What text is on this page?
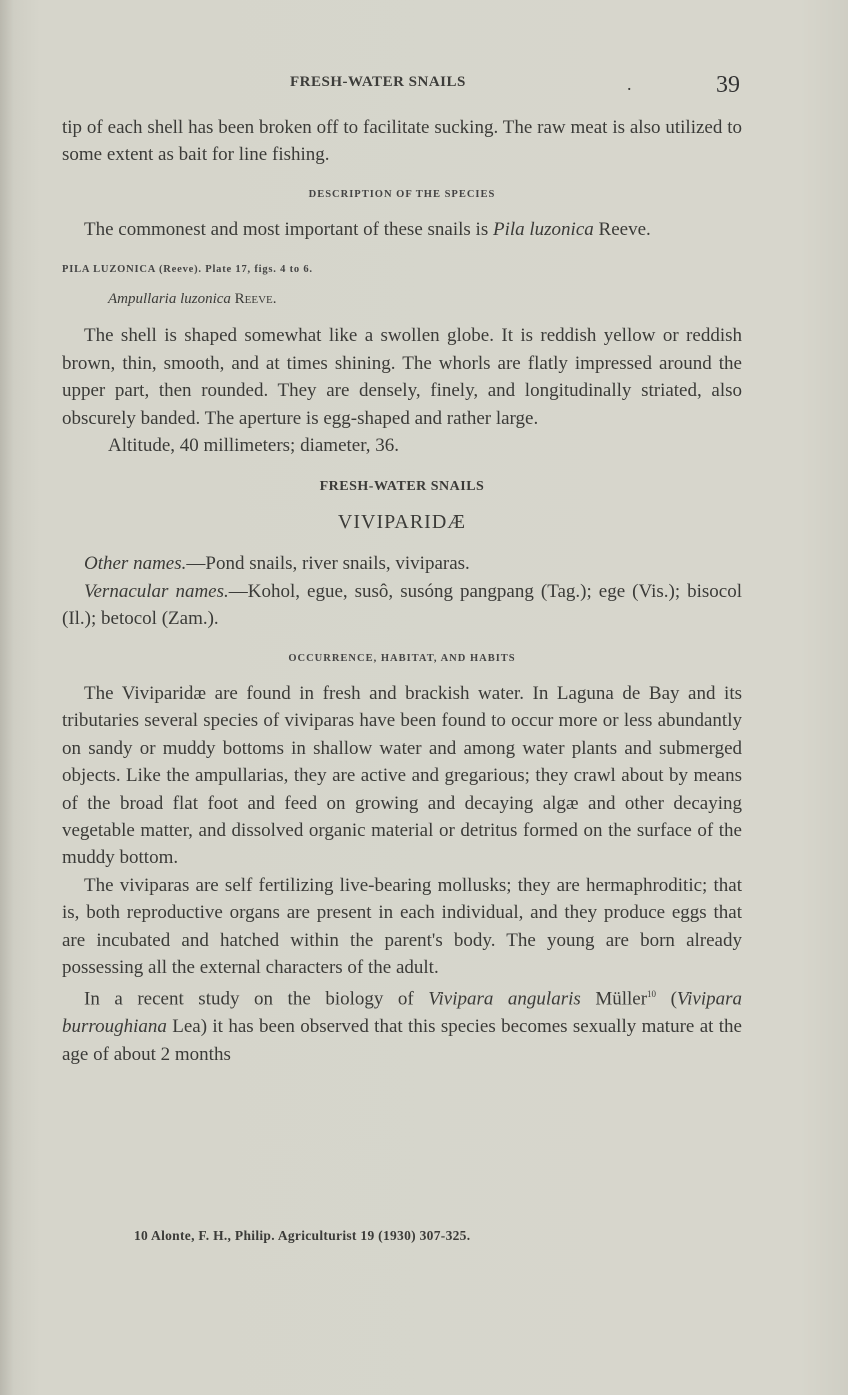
FRESH-WATER SNAILS	.	39

tip of each shell has been broken off to facilitate sucking. The raw meat is also utilized to some extent as bait for line fishing.

DESCRIPTION OF THE SPECIES

The commonest and most important of these snails is Pila luzonica Reeve.

PILA LUZONICA (Reeve). Plate 17, figs. 4 to 6.
Ampullaria luzonica Reeve.

The shell is shaped somewhat like a swollen globe. It is reddish yellow or reddish brown, thin, smooth, and at times shining. The whorls are flatly impressed around the upper part, then rounded. They are densely, finely, and longitudinally striated, also obscurely banded. The aperture is egg-shaped and rather large.

Altitude, 40 millimeters; diameter, 36.

FRESH-WATER SNAILS
VIVIPARIDÆ

Other names.—Pond snails, river snails, viviparas.

Vernacular names.—Kohol, egue, susô, susóng pangpang (Tag.); ege (Vis.); bisocol (Il.); betocol (Zam.).

OCCURRENCE, HABITAT, AND HABITS

The Viviparidæ are found in fresh and brackish water. In Laguna de Bay and its tributaries several species of viviparas have been found to occur more or less abundantly on sandy or muddy bottoms in shallow water and among water plants and submerged objects. Like the ampullarias, they are active and gregarious; they crawl about by means of the broad flat foot and feed on growing and decaying algæ and other decaying vegetable matter, and dissolved organic material or detritus formed on the surface of the muddy bottom.

The viviparas are self fertilizing live-bearing mollusks; they are hermaphroditic; that is, both reproductive organs are present in each individual, and they produce eggs that are incubated and hatched within the parent's body. The young are born already possessing all the external characters of the adult.

In a recent study on the biology of Vivipara angularis Müller$^{10}$ (Vivipara burroughiana Lea) it has been observed that this species becomes sexually mature at the age of about 2 months

10 Alonte, F. H., Philip. Agriculturist 19 (1930) 307-325.
